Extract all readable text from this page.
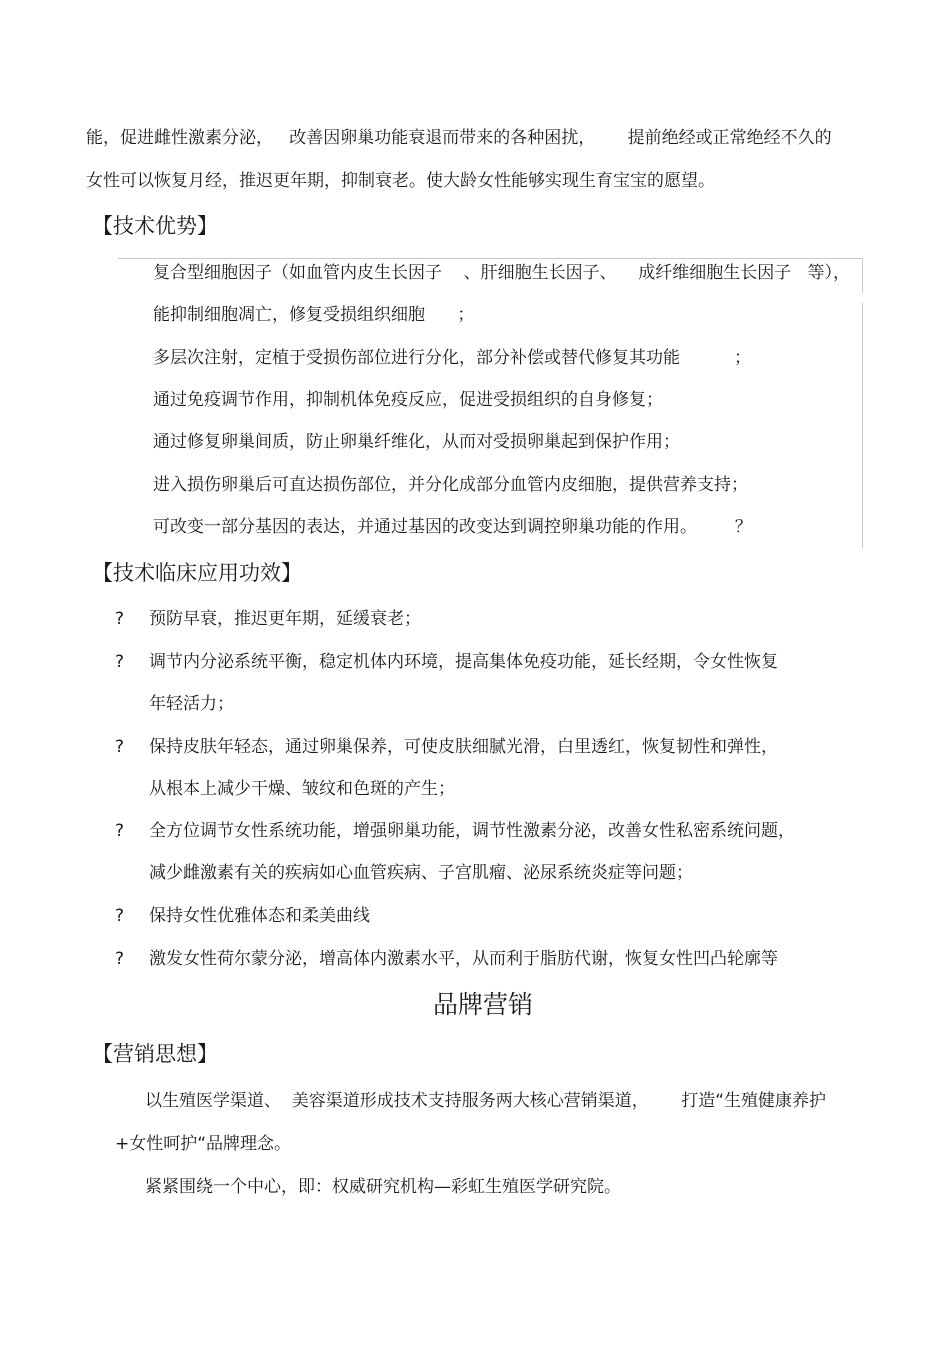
能，促进雌性激素分泌，   改善因卵巢功能衰退而带来的各种困扰，      提前绝经或正常绝经不久的
女性可以恢复月经，推迟更年期，抑制衰老。使大龄女性能够实现生育宝宝的愿望。
【技术优势】
复合型细胞因子（如血管内皮生长因子    、肝细胞生长因子、    成纤维细胞生长因子   等），
能抑制细胞凋亡，修复受损组织细胞      ；
多层次注射，定植于受损伤部位进行分化，部分补偿或替代修复其功能          ；
通过免疫调节作用，抑制机体免疫反应，促进受损组织的自身修复；
通过修复卵巢间质，防止卵巢纤维化，从而对受损卵巢起到保护作用；
进入损伤卵巢后可直达损伤部位，并分化成部分血管内皮细胞，提供营养支持；
可改变一部分基因的表达，并通过基因的改变达到调控卵巢功能的作用。       ？
【技术临床应用功效】
? 预防早衰，推迟更年期，延缓衰老；
? 调节内分泌系统平衡，稳定机体内环境，提高集体免疫功能，延长经期，令女性恢复
年轻活力；
? 保持皮肤年轻态，通过卵巢保养，可使皮肤细腻光滑，白里透红，恢复韧性和弹性，
从根本上减少干燥、皱纹和色斑的产生；
? 全方位调节女性系统功能，增强卵巢功能，调节性激素分泌，改善女性私密系统问题，
减少雌激素有关的疾病如心血管疾病、子宫肌瘤、泌尿系统炎症等问题；
? 保持女性优雅体态和柔美曲线
? 激发女性荷尔蒙分泌，增高体内激素水平，从而利于脂肪代谢，恢复女性凹凸轮廓等
品牌营销
【营销思想】
以生殖医学渠道、  美容渠道形成技术支持服务两大核心营销渠道，      打造“生殖健康养护
+女性呵护“品牌理念。
紧紧围绕一个中心，即：权威研究机构—彩虹生殖医学研究院。
